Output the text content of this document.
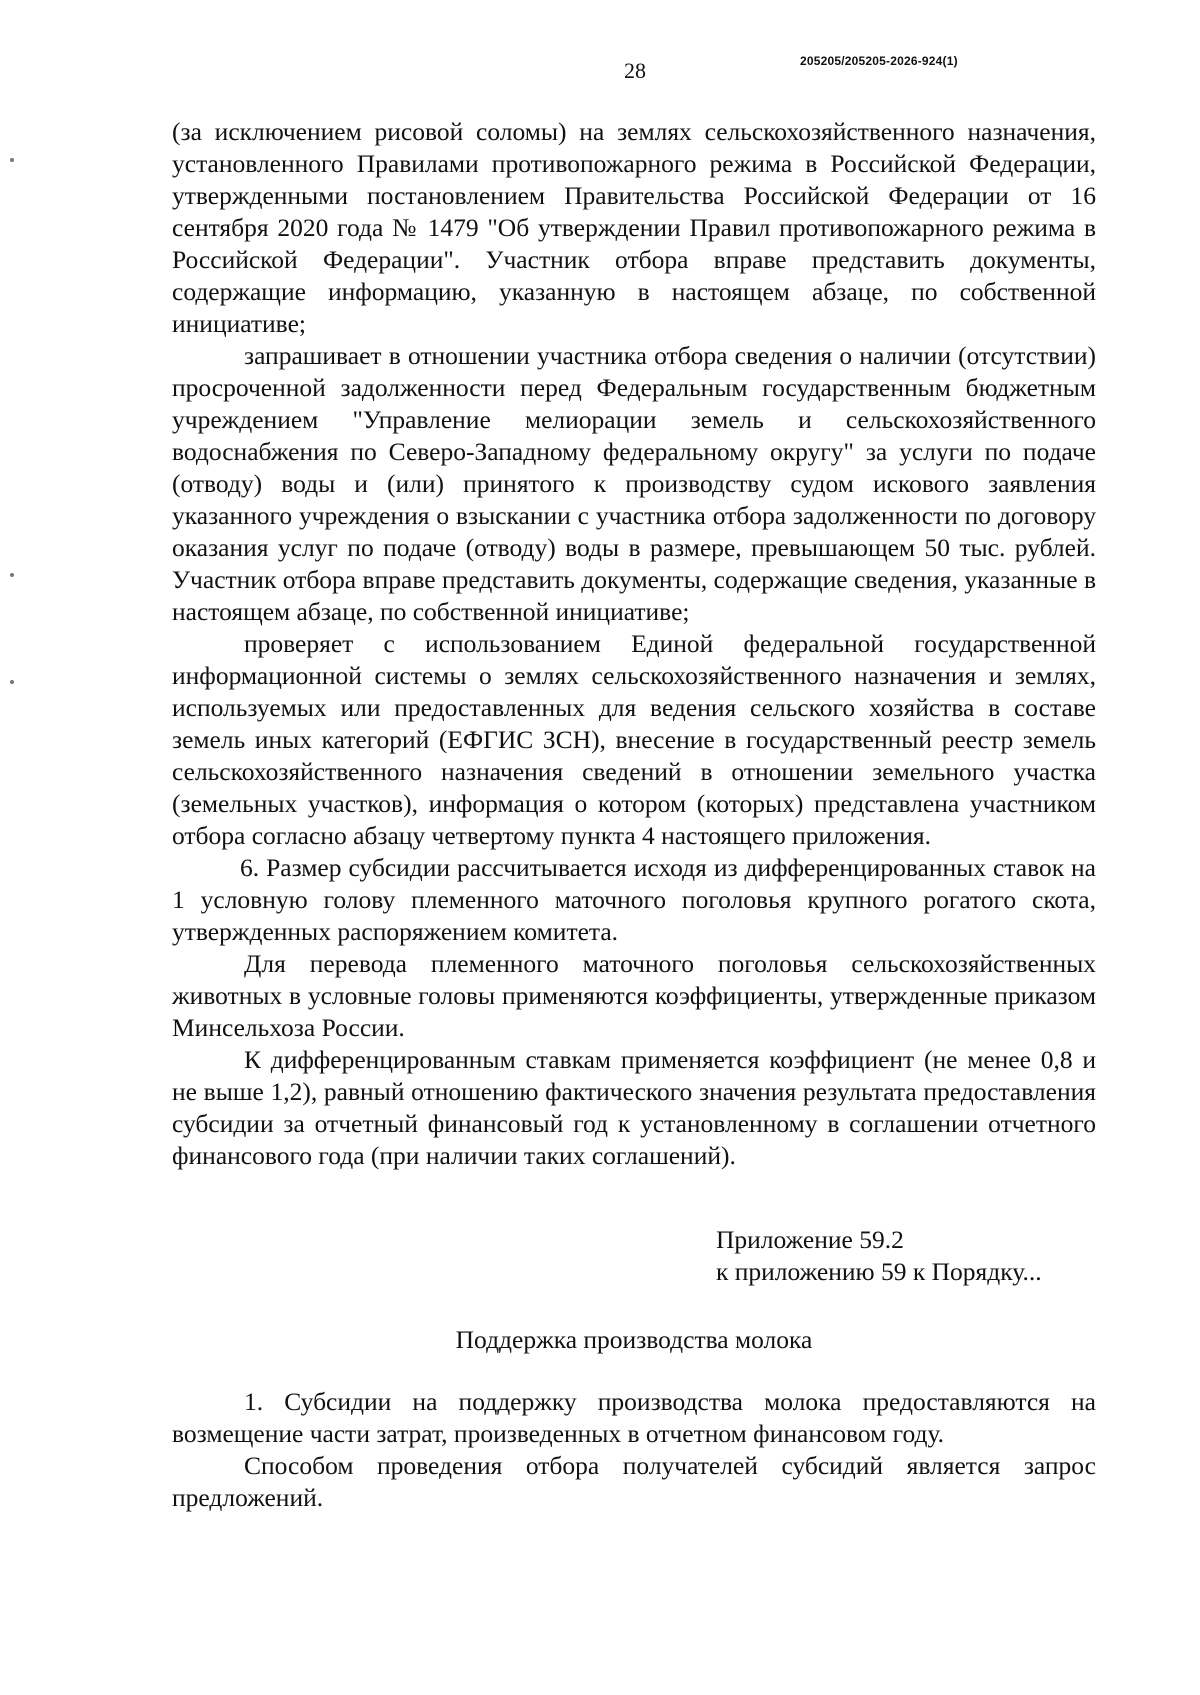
28	205205/205205-2026-924(1)

(за исключением рисовой соломы) на землях сельскохозяйственного назначения, установленного Правилами противопожарного режима в Российской Федерации, утвержденными постановлением Правительства Российской Федерации от 16 сентября 2020 года № 1479 "Об утверждении Правил противопожарного режима в Российской Федерации". Участник отбора вправе представить документы, содержащие информацию, указанную в настоящем абзаце, по собственной инициативе;

запрашивает в отношении участника отбора сведения о наличии (отсутствии) просроченной задолженности перед Федеральным государственным бюджетным учреждением "Управление мелиорации земель и сельскохозяйственного водоснабжения по Северо-Западному федеральному округу" за услуги по подаче (отводу) воды и (или) принятого к производству судом искового заявления указанного учреждения о взыскании с участника отбора задолженности по договору оказания услуг по подаче (отводу) воды в размере, превышающем 50 тыс. рублей. Участник отбора вправе представить документы, содержащие сведения, указанные в настоящем абзаце, по собственной инициативе;

проверяет с использованием Единой федеральной государственной информационной системы о землях сельскохозяйственного назначения и землях, используемых или предоставленных для ведения сельского хозяйства в составе земель иных категорий (ЕФГИС ЗСН), внесение в государственный реестр земель сельскохозяйственного назначения сведений в отношении земельного участка (земельных участков), информация о котором (которых) представлена участником отбора согласно абзацу четвертому пункта 4 настоящего приложения.

6. Размер субсидии рассчитывается исходя из дифференцированных ставок на 1 условную голову племенного маточного поголовья крупного рогатого скота, утвержденных распоряжением комитета.

Для перевода племенного маточного поголовья сельскохозяйственных животных в условные головы применяются коэффициенты, утвержденные приказом Минсельхоза России.

К дифференцированным ставкам применяется коэффициент (не менее 0,8 и не выше 1,2), равный отношению фактического значения результата предоставления субсидии за отчетный финансовый год к установленному в соглашении отчетного финансового года (при наличии таких соглашений).

Приложение 59.2

к приложению 59 к Порядку...

Поддержка производства молока

1. Субсидии на поддержку производства молока предоставляются на возмещение части затрат, произведенных в отчетном финансовом году.

Способом проведения отбора получателей субсидий является запрос предложений.
